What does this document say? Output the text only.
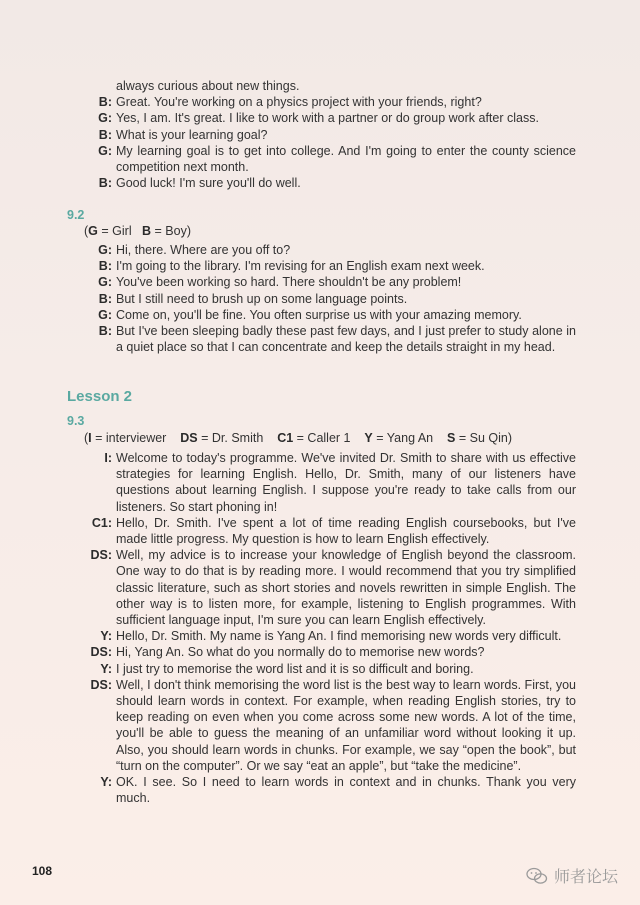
always curious about new things.
B: Great. You're working on a physics project with your friends, right?
G: Yes, I am. It's great. I like to work with a partner or do group work after class.
B: What is your learning goal?
G: My learning goal is to get into college. And I'm going to enter the county science competition next month.
B: Good luck! I'm sure you'll do well.
9.2
(G = Girl B = Boy)
G: Hi, there. Where are you off to?
B: I'm going to the library. I'm revising for an English exam next week.
G: You've been working so hard. There shouldn't be any problem!
B: But I still need to brush up on some language points.
G: Come on, you'll be fine. You often surprise us with your amazing memory.
B: But I've been sleeping badly these past few days, and I just prefer to study alone in a quiet place so that I can concentrate and keep the details straight in my head.
Lesson 2
9.3
(I = interviewer DS = Dr. Smith C1 = Caller 1 Y = Yang An S = Su Qin)
I: Welcome to today's programme. We've invited Dr. Smith to share with us effective strategies for learning English. Hello, Dr. Smith, many of our listeners have questions about learning English. I suppose you're ready to take calls from our listeners. So start phoning in!
C1: Hello, Dr. Smith. I've spent a lot of time reading English coursebooks, but I've made little progress. My question is how to learn English effectively.
DS: Well, my advice is to increase your knowledge of English beyond the classroom. One way to do that is by reading more. I would recommend that you try simplified classic literature, such as short stories and novels rewritten in simple English. The other way is to listen more, for example, listening to English programmes. With sufficient language input, I'm sure you can learn English effectively.
Y: Hello, Dr. Smith. My name is Yang An. I find memorising new words very difficult.
DS: Hi, Yang An. So what do you normally do to memorise new words?
Y: I just try to memorise the word list and it is so difficult and boring.
DS: Well, I don't think memorising the word list is the best way to learn words. First, you should learn words in context. For example, when reading English stories, try to keep reading on even when you come across some new words. A lot of the time, you'll be able to guess the meaning of an unfamiliar word without looking it up. Also, you should learn words in chunks. For example, we say “open the book”, but “turn on the computer”. Or we say “eat an apple”, but “take the medicine”.
Y: OK. I see. So I need to learn words in context and in chunks. Thank you very much.
108	师者论坛
